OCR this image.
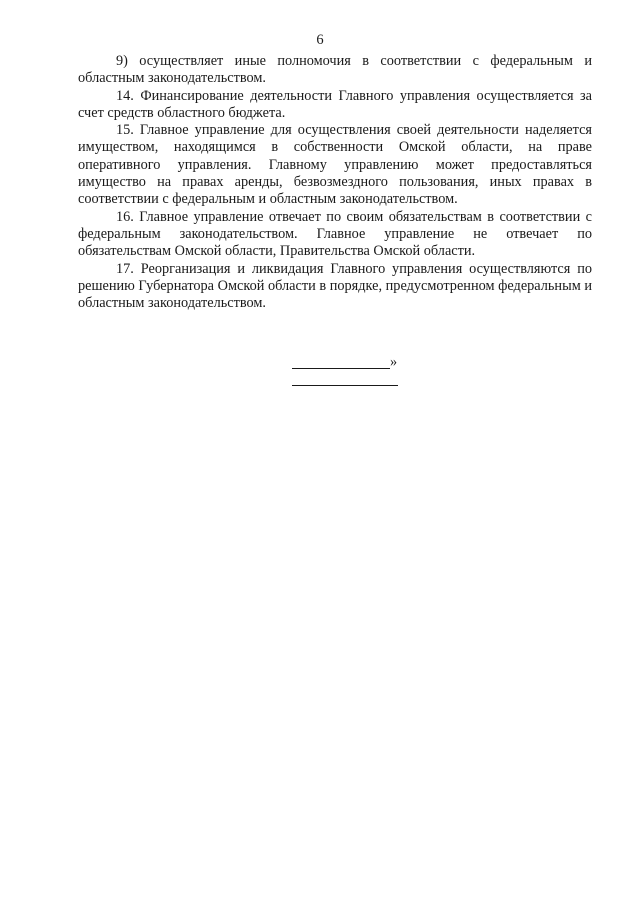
6

9) осуществляет иные полномочия в соответствии с федеральным и областным законодательством.

14. Финансирование деятельности Главного управления осуществляется за счет средств областного бюджета.

15. Главное управление для осуществления своей деятельности наделяется имуществом, находящимся в собственности Омской области, на праве оперативного управления. Главному управлению может предоставляться имущество на правах аренды, безвозмездного пользования, иных правах в соответствии с федеральным и областным законодательством.

16. Главное управление отвечает по своим обязательствам в соответствии с федеральным законодательством. Главное управление не отвечает по обязательствам Омской области, Правительства Омской области.

17. Реорганизация и ликвидация Главного управления осуществляются по решению Губернатора Омской области в порядке, предусмотренном федеральным и областным законодательством.

»
